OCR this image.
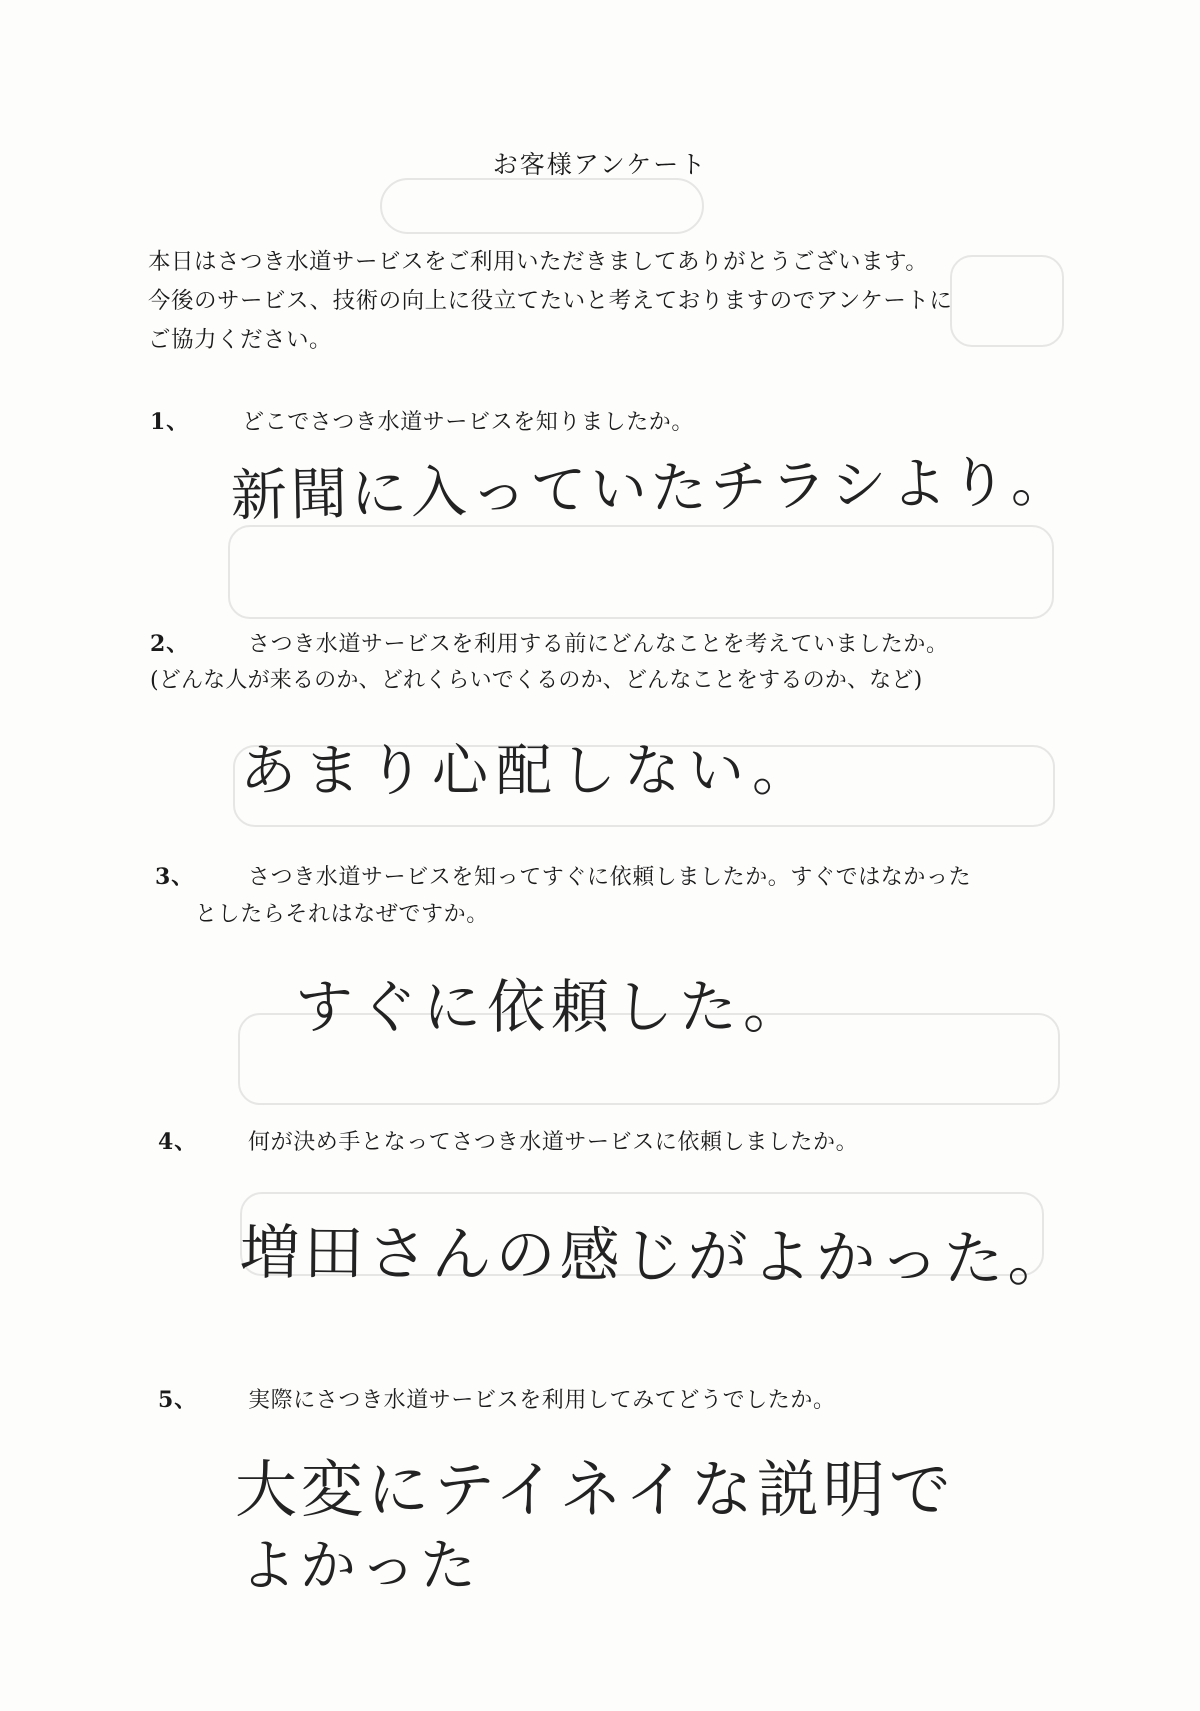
お客様アンケート
本日はさつき水道サービスをご利用いただきましてありがとうございます。
今後のサービス、技術の向上に役立てたいと考えておりますのでアンケートに
ご協力ください。
1、 どこでさつき水道サービスを知りましたか。
新聞に入っていたチラシより。
2、	さつき水道サービスを利用する前にどんなことを考えていましたか。
(どんな人が来るのか、どれくらいでくるのか、どんなことをするのか、など)
あまり心配しない。
3、 さつき水道サービスを知ってすぐに依頼しましたか。すぐではなかった
としたらそれはなぜですか。
すぐに依頼した。
4、 何が決め手となってさつき水道サービスに依頼しましたか。
増田さんの感じがよかった。
5、 実際にさつき水道サービスを利用してみてどうでしたか。
大変にテイネイな説明で
よかった
